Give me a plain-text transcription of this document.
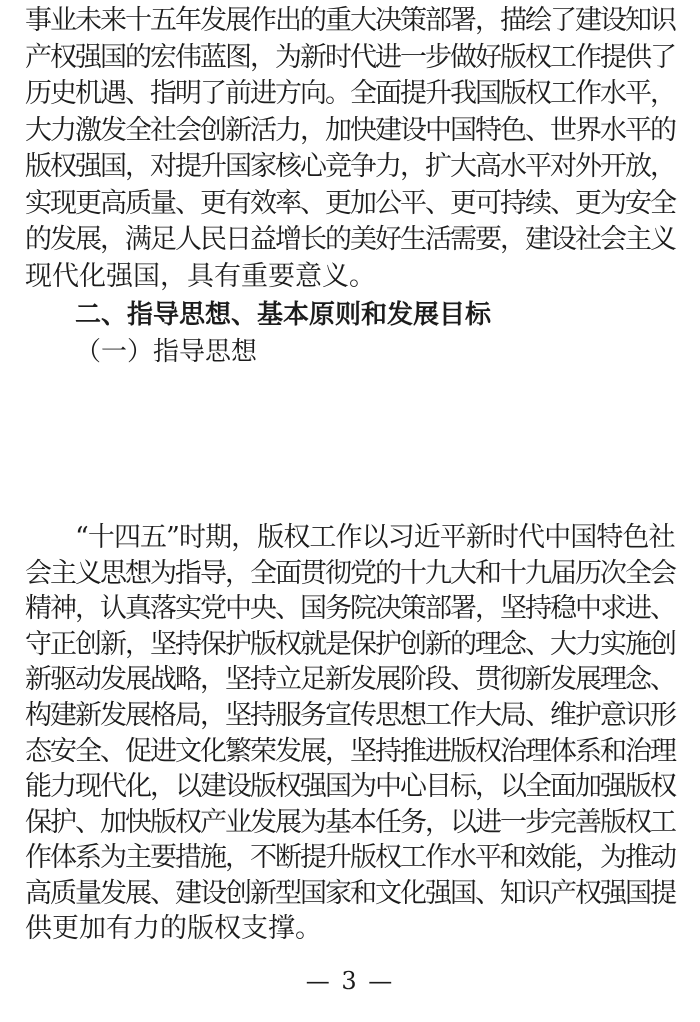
事业未来十五年发展作出的重大决策部署，描绘了建设知识
产权强国的宏伟蓝图，为新时代进一步做好版权工作提供了
历史机遇、指明了前进方向。全面提升我国版权工作水平，
大力激发全社会创新活力，加快建设中国特色、世界水平的
版权强国，对提升国家核心竞争力，扩大高水平对外开放，
实现更高质量、更有效率、更加公平、更可持续、更为安全
的发展，满足人民日益增长的美好生活需要，建设社会主义
现代化强国，具有重要意义。
二、指导思想、基本原则和发展目标
（一）指导思想
“十四五”时期，版权工作以习近平新时代中国特色社
会主义思想为指导，全面贯彻党的十九大和十九届历次全会
精神，认真落实党中央、国务院决策部署，坚持稳中求进、
守正创新，坚持保护版权就是保护创新的理念、大力实施创
新驱动发展战略，坚持立足新发展阶段、贯彻新发展理念、
构建新发展格局，坚持服务宣传思想工作大局、维护意识形
态安全、促进文化繁荣发展，坚持推进版权治理体系和治理
能力现代化，以建设版权强国为中心目标，以全面加强版权
保护、加快版权产业发展为基本任务，以进一步完善版权工
作体系为主要措施，不断提升版权工作水平和效能，为推动
高质量发展、建设创新型国家和文化强国、知识产权强国提
供更加有力的版权支撑。
— 3 —
